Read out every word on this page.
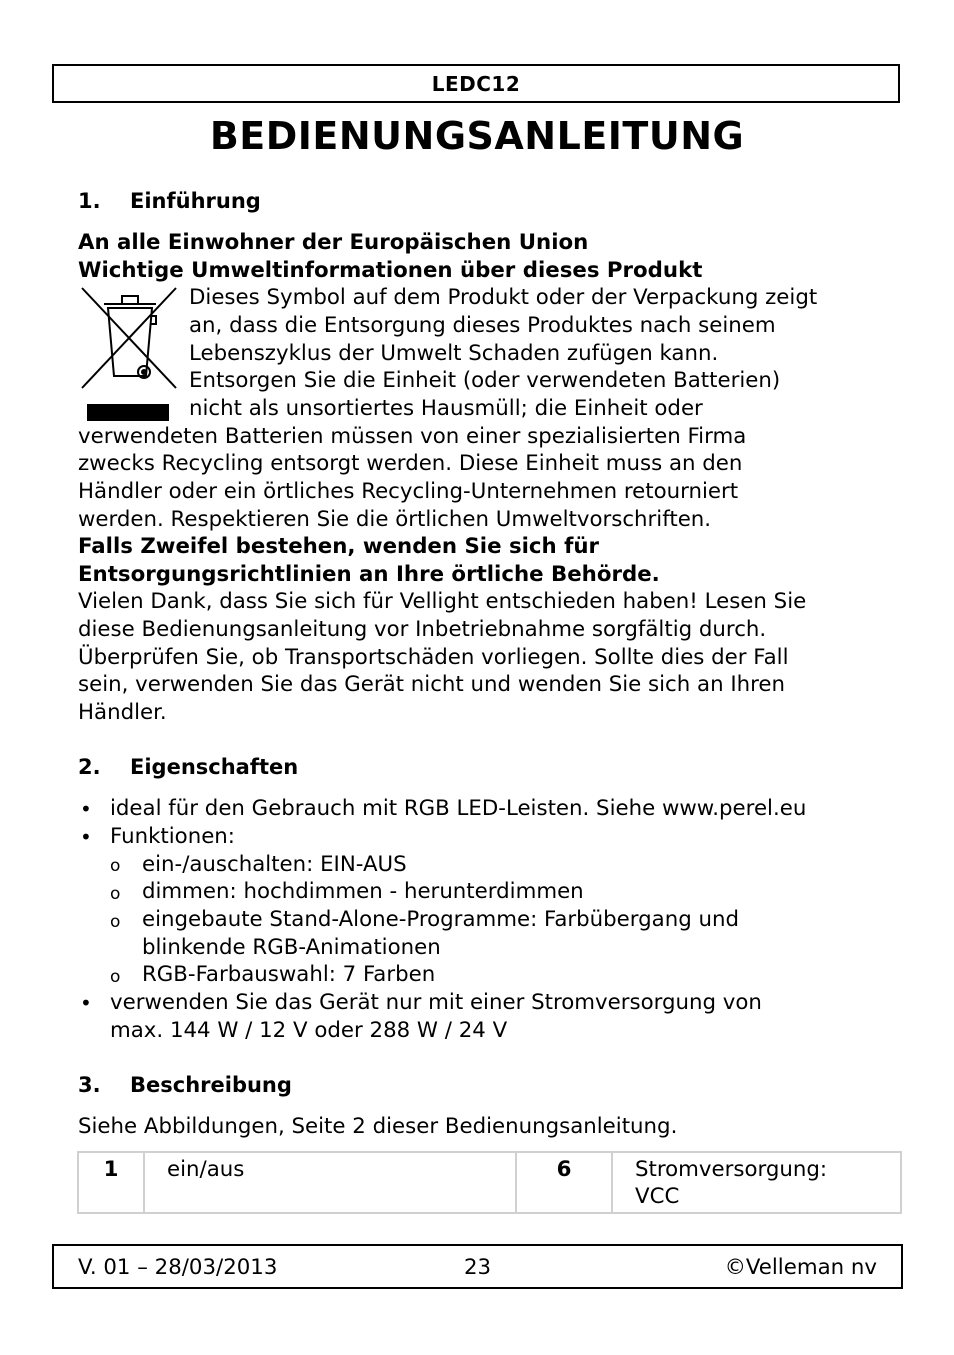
LEDC12
BEDIENUNGSANLEITUNG
1. Einführung
An alle Einwohner der Europäischen Union
Wichtige Umweltinformationen über dieses Produkt
Dieses Symbol auf dem Produkt oder der Verpackung zeigt
an, dass die Entsorgung dieses Produktes nach seinem
Lebenszyklus der Umwelt Schaden zufügen kann.
Entsorgen Sie die Einheit (oder verwendeten Batterien)
nicht als unsortiertes Hausmüll; die Einheit oder
verwendeten Batterien müssen von einer spezialisierten Firma
zwecks Recycling entsorgt werden. Diese Einheit muss an den
Händler oder ein örtliches Recycling-Unternehmen retourniert
werden. Respektieren Sie die örtlichen Umweltvorschriften.
Falls Zweifel bestehen, wenden Sie sich für
Entsorgungsrichtlinien an Ihre örtliche Behörde.
Vielen Dank, dass Sie sich für Vellight entschieden haben! Lesen Sie
diese Bedienungsanleitung vor Inbetriebnahme sorgfältig durch.
Überprüfen Sie, ob Transportschäden vorliegen. Sollte dies der Fall
sein, verwenden Sie das Gerät nicht und wenden Sie sich an Ihren
Händler.
2. Eigenschaften
• ideal für den Gebrauch mit RGB LED-Leisten. Siehe www.perel.eu
• Funktionen:
o ein-/auschalten: EIN-AUS
o dimmen: hochdimmen - herunterdimmen
o eingebaute Stand-Alone-Programme: Farbübergang und
blinkende RGB-Animationen
o RGB-Farbauswahl: 7 Farben
• verwenden Sie das Gerät nur mit einer Stromversorgung von
max. 144 W / 12 V oder 288 W / 24 V
3. Beschreibung
Siehe Abbildungen, Seite 2 dieser Bedienungsanleitung.
1	ein/aus	6	Stromversorgung:
VCC
V. 01 – 28/03/2013	23	©Velleman nv
